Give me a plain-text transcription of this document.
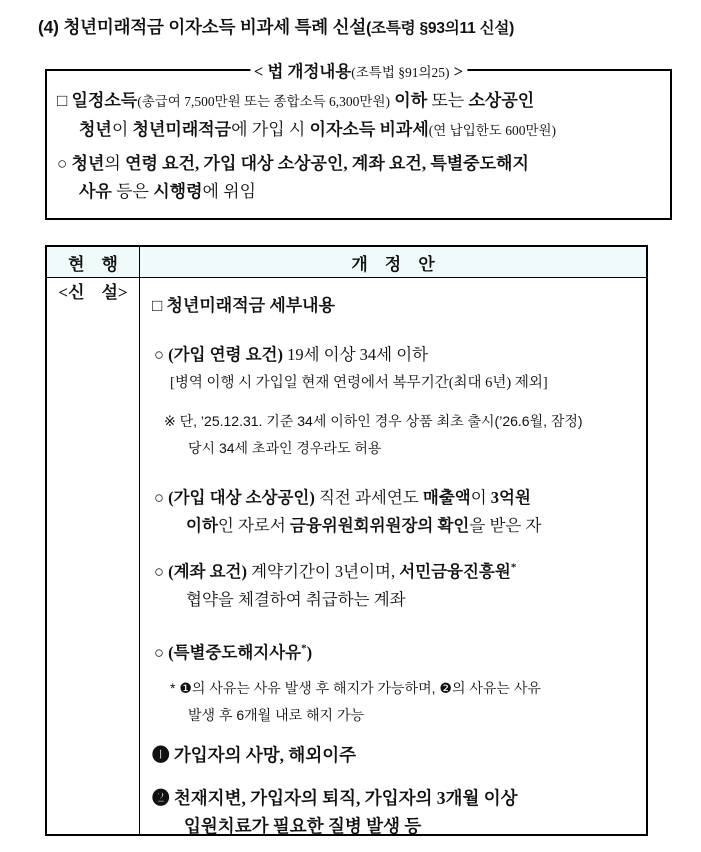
(4) 청년미래적금 이자소득 비과세 특례 신설(조특령 §93의11 신설)
< 법 개정내용(조특법 §91의25) >
□ 일정소득(총급여 7,500만원 또는 종합소득 6,300만원) 이하 또는 소상공인
청년이 청년미래적금에 가입 시 이자소득 비과세(연 납입한도 600만원)
○ 청년의 연령 요건, 가입 대상 소상공인, 계좌 요건, 특별중도해지
사유 등은 시행령에 위임
현　행	개　정　안
<신　설>	
□ 청년미래적금 세부내용
○ (가입 연령 요건) 19세 이상 34세 이하
[병역 이행 시 가입일 현재 연령에서 복무기간(최대 6년) 제외]
※ 단, ’25.12.31. 기준 34세 이하인 경우 상품 최초 출시(’26.6월, 잠정)
당시 34세 초과인 경우라도 허용
○ (가입 대상 소상공인) 직전 과세연도 매출액이 3억원
이하인 자로서 금융위원회위원장의 확인을 받은 자
○ (계좌 요건) 계약기간이 3년이며, 서민금융진흥원*
협약을 체결하여 취급하는 계좌
○ (특별중도해지사유*)
* ❶의 사유는 사유 발생 후 해지가 가능하며, ❷의 사유는 사유
발생 후 6개월 내로 해지 가능
❶ 가입자의 사망, 해외이주
❷ 천재지변, 가입자의 퇴직, 가입자의 3개월 이상
입원치료가 필요한 질병 발생 등
